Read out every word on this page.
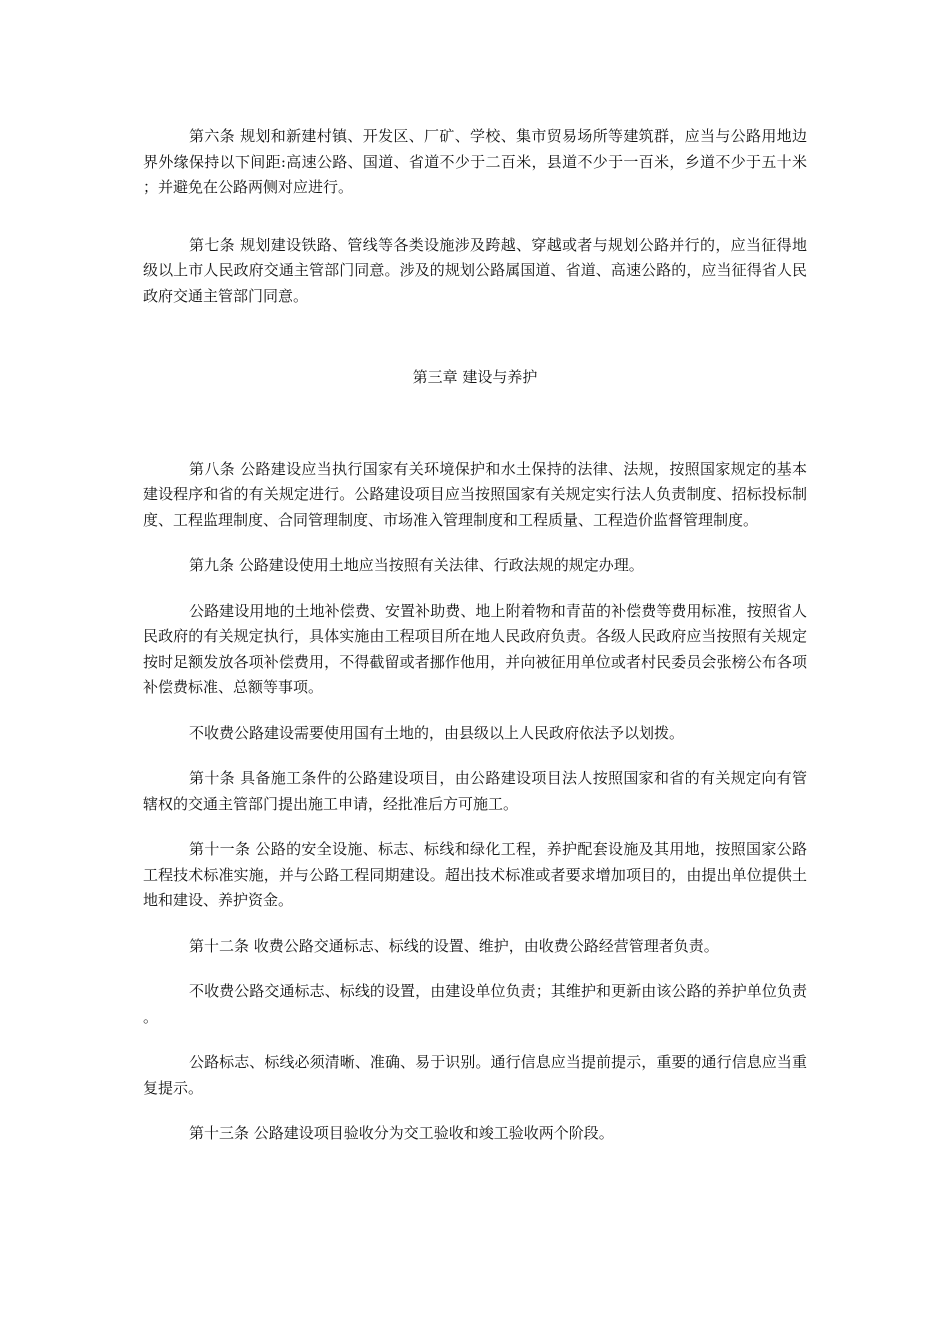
第六条 规划和新建村镇、开发区、厂矿、学校、集市贸易场所等建筑群，应当与公路用地边界外缘保持以下间距:高速公路、国道、省道不少于二百米，县道不少于一百米，乡道不少于五十米；并避免在公路两侧对应进行。

第七条 规划建设铁路、管线等各类设施涉及跨越、穿越或者与规划公路并行的，应当征得地级以上市人民政府交通主管部门同意。涉及的规划公路属国道、省道、高速公路的，应当征得省人民政府交通主管部门同意。

第三章 建设与养护

第八条 公路建设应当执行国家有关环境保护和水土保持的法律、法规，按照国家规定的基本建设程序和省的有关规定进行。公路建设项目应当按照国家有关规定实行法人负责制度、招标投标制度、工程监理制度、合同管理制度、市场准入管理制度和工程质量、工程造价监督管理制度。

第九条 公路建设使用土地应当按照有关法律、行政法规的规定办理。

公路建设用地的土地补偿费、安置补助费、地上附着物和青苗的补偿费等费用标准，按照省人民政府的有关规定执行，具体实施由工程项目所在地人民政府负责。各级人民政府应当按照有关规定按时足额发放各项补偿费用，不得截留或者挪作他用，并向被征用单位或者村民委员会张榜公布各项补偿费标准、总额等事项。

不收费公路建设需要使用国有土地的，由县级以上人民政府依法予以划拨。

第十条 具备施工条件的公路建设项目，由公路建设项目法人按照国家和省的有关规定向有管辖权的交通主管部门提出施工申请，经批准后方可施工。

第十一条 公路的安全设施、标志、标线和绿化工程，养护配套设施及其用地，按照国家公路工程技术标准实施，并与公路工程同期建设。超出技术标准或者要求增加项目的，由提出单位提供土地和建设、养护资金。

第十二条 收费公路交通标志、标线的设置、维护，由收费公路经营管理者负责。

不收费公路交通标志、标线的设置，由建设单位负责；其维护和更新由该公路的养护单位负责。

公路标志、标线必须清晰、准确、易于识别。通行信息应当提前提示，重要的通行信息应当重复提示。

第十三条 公路建设项目验收分为交工验收和竣工验收两个阶段。
